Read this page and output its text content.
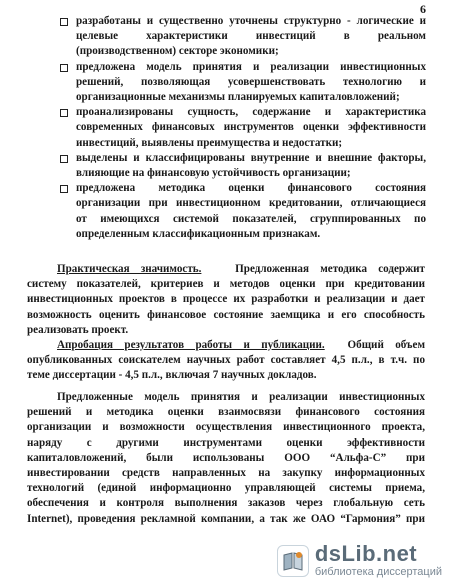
6
разработаны и существенно уточнены структурно - логические и
целевые характеристики инвестиций в реальном
(производственном) секторе экономики;
предложена модель принятия и реализации инвестиционных
решений, позволяющая усовершенствовать технологию и
организационные механизмы планируемых капиталовложений;
проанализированы сущность, содержание и характеристика
современных финансовых инструментов оценки эффективности
инвестиций, выявлены преимущества и недостатки;
выделены и классифицированы внутренние и внешние факторы,
влияющие на финансовую устойчивость организации;
предложена методика оценки финансового состояния
организации при инвестиционном кредитовании, отличающиеся
от имеющихся системой показателей, сгруппированных по
определенным классификационным признакам.
Практическая значимость.	Предложенная методика содержит
систему показателей, критериев и методов оценки при кредитовании
инвестиционных проектов в процессе их разработки и реализации и дает
возможность оценить финансовое состояние заемщика и его способность
реализовать проект.
Апробация результатов работы и публикации. Общий объем
опубликованных соискателем научных работ составляет 4,5 п.л., в т.ч. по
теме диссертации - 4,5 п.л., включая 7 научных докладов.
Предложенные модель принятия и реализации инвестиционных
решений и методика оценки взаимосвязи финансового состояния
организации и возможности осуществления инвестиционного проекта,
наряду с другими инструментами оценки эффективности
капиталовложений, были использованы ООО “Альфа-С” при
инвестировании средств направленных на закупку информационных
технологий (единой информационно управляющей системы приема,
обеспечения и контроля выполнения заказов через глобальную сеть
Internet), проведения рекламной компании, а так же ОАО “Гармония” при
dsLib.net
библиотека диссертаций
